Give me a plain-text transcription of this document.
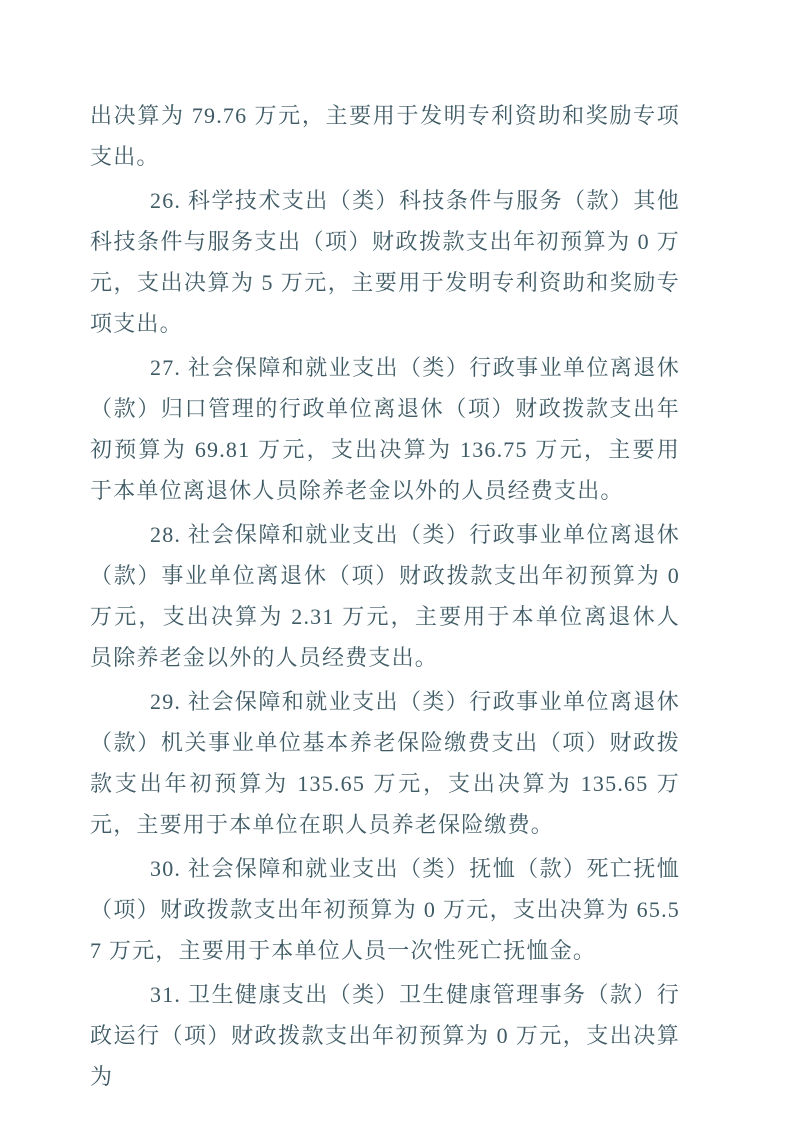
出决算为 79.76 万元，主要用于发明专利资助和奖励专项支出。

26. 科学技术支出（类）科技条件与服务（款）其他科技条件与服务支出（项）财政拨款支出年初预算为 0 万元，支出决算为 5 万元，主要用于发明专利资助和奖励专项支出。

27. 社会保障和就业支出（类）行政事业单位离退休（款）归口管理的行政单位离退休（项）财政拨款支出年初预算为 69.81 万元，支出决算为 136.75 万元，主要用于本单位离退休人员除养老金以外的人员经费支出。

28. 社会保障和就业支出（类）行政事业单位离退休（款）事业单位离退休（项）财政拨款支出年初预算为 0 万元，支出决算为 2.31 万元，主要用于本单位离退休人员除养老金以外的人员经费支出。

29. 社会保障和就业支出（类）行政事业单位离退休（款）机关事业单位基本养老保险缴费支出（项）财政拨款支出年初预算为 135.65 万元，支出决算为 135.65 万元，主要用于本单位在职人员养老保险缴费。

30. 社会保障和就业支出（类）抚恤（款）死亡抚恤（项）财政拨款支出年初预算为 0 万元，支出决算为 65.57 万元，主要用于本单位人员一次性死亡抚恤金。

31. 卫生健康支出（类）卫生健康管理事务（款）行政运行（项）财政拨款支出年初预算为 0 万元，支出决算为
